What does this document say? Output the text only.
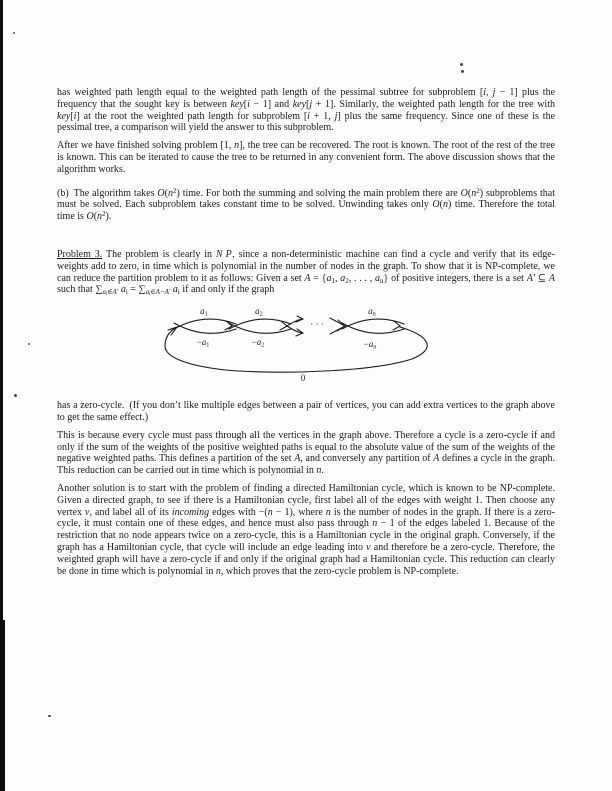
has weighted path length equal to the weighted path length of the pessimal subtree for subproblem [i, j − 1] plus the frequency that the sought key is between key[i − 1] and key[j + 1]. Similarly, the weighted path length for the tree with key[i] at the root the weighted path length for subproblem [i + 1, j] plus the same frequency. Since one of these is the pessimal tree, a comparison will yield the answer to this subproblem.

After we have finished solving problem [1, n], the tree can be recovered. The root is known. The root of the rest of the tree is known. This can be iterated to cause the tree to be returned in any convenient form. The above discussion shows that the algorithm works.

(b) The algorithm takes $O(n^2)$ time. For both the summing and solving the main problem there are $O(n^2)$ subproblems that must be solved. Each subproblem takes constant time to be solved. Unwinding takes only O(n) time. Therefore the total time is $O(n^2)$.

Problem 3. The problem is clearly in N P, since a non-deterministic machine can find a cycle and verify that its edge-weights add to zero, in time which is polynomial in the number of nodes in the graph. To show that it is NP-complete, we can reduce the partition problem to it as follows: Given a set A = {a1, a2, . . . , an} of positive integers, there is a set A′ ⊆ A such that ∑ai∈A′ ai = ∑ai∈A−A′ ai if and only if the graph

a1	a2	an
−a1	−a2	−an
· · ·
0

has a zero-cycle. (If you don’t like multiple edges between a pair of vertices, you can add extra vertices to the graph above to get the same effect.)

This is because every cycle must pass through all the vertices in the graph above. Therefore a cycle is a zero-cycle if and only if the sum of the weights of the positive weighted paths is equal to the absolute value of the sum of the weights of the negative weighted paths. This defines a partition of the set A, and conversely any partition of A defines a cycle in the graph. This reduction can be carried out in time which is polynomial in n.

Another solution is to start with the problem of finding a directed Hamiltonian cycle, which is known to be NP-complete. Given a directed graph, to see if there is a Hamiltonian cycle, first label all of the edges with weight 1. Then choose any vertex v, and label all of its incoming edges with −(n − 1), where n is the number of nodes in the graph. If there is a zero-cycle, it must contain one of these edges, and hence must also pass through n − 1 of the edges labeled 1. Because of the restriction that no node appears twice on a zero-cycle, this is a Hamiltonian cycle in the original graph. Conversely, if the graph has a Hamiltonian cycle, that cycle will include an edge leading into v and therefore be a zero-cycle. Therefore, the weighted graph will have a zero-cycle if and only if the original graph had a Hamiltonian cycle. This reduction can clearly be done in time which is polynomial in n, which proves that the zero-cycle problem is NP-complete.
